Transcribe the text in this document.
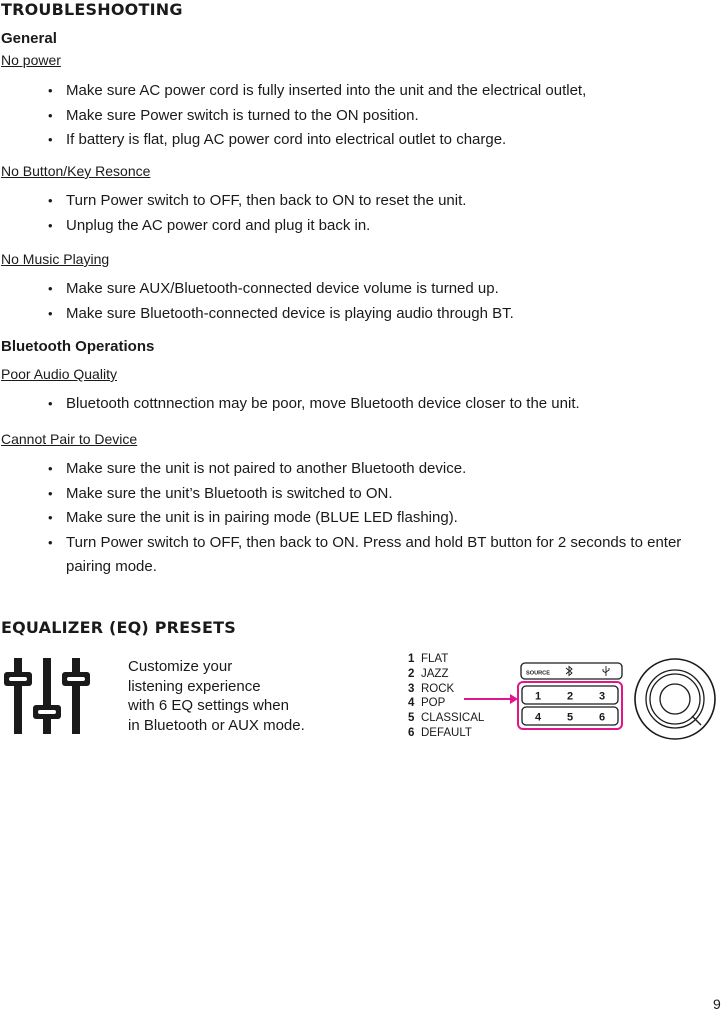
TROUBLESHOOTING
General
No power
• Make sure AC power cord is fully inserted into the unit and the electrical outlet,
• Make sure Power switch is turned to the ON position.
• If battery is flat, plug AC power cord into electrical outlet to charge.
No Button/Key Resonce
• Turn Power switch to OFF, then back to ON to reset the unit.
• Unplug the AC power cord and plug it back in.
No Music Playing
• Make sure AUX/Bluetooth-connected device volume is turned up.
• Make sure Bluetooth-connected device is playing audio through BT.
Bluetooth Operations
Poor Audio Quality
• Bluetooth cottnnection may be poor, move Bluetooth device closer to the unit.
Cannot Pair to Device
• Make sure the unit is not paired to another Bluetooth device.
• Make sure the unit’s Bluetooth is switched to ON.
• Make sure the unit is in pairing mode (BLUE LED flashing).
• Turn Power switch to OFF, then back to ON. Press and hold BT button for 2 seconds to enter pairing mode.
EQUALIZER (EQ) PRESETS
Customize your
listening experience
with 6 EQ settings when
in Bluetooth or AUX mode.
1 FLAT
2 JAZZ
3 ROCK
4 POP
5 CLASSICAL
6 DEFAULT
SOURCE
1 2 3
4 5 6
9
